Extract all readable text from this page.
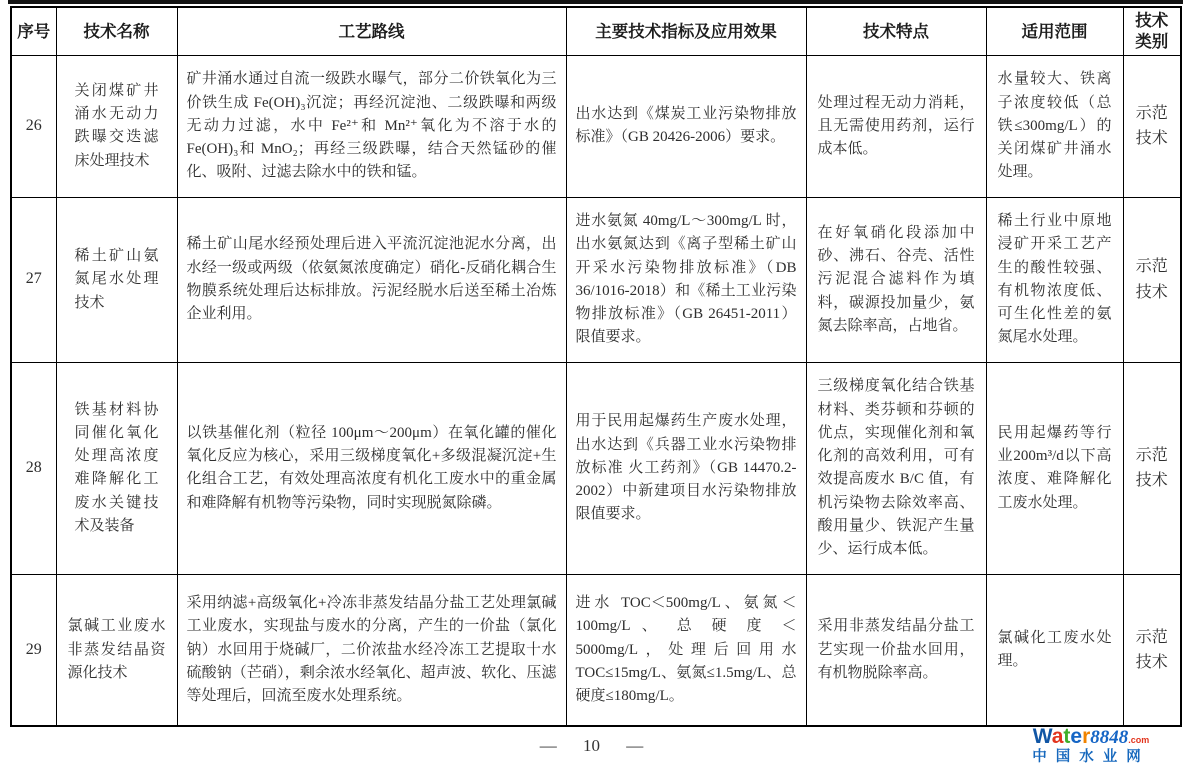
序号	技术名称	工艺路线	主要技术指标及应用效果	技术特点	适用范围	技术类别
26	关闭煤矿井涌水无动力跌曝交迭滤床处理技术	矿井涌水通过自流一级跌水曝气，部分二价铁氧化为三价铁生成 Fe(OH)₃沉淀；再经沉淀池、二级跌曝和两级无动力过滤，水中 Fe²⁺和 Mn²⁺氧化为不溶于水的 Fe(OH)₃和 MnO₂；再经三级跌曝，结合天然锰砂的催化、吸附、过滤去除水中的铁和锰。	出水达到《煤炭工业污染物排放标准》（GB 20426-2006）要求。	处理过程无动力消耗，且无需使用药剂，运行成本低。	水量较大、铁离子浓度较低（总铁≤300mg/L）的关闭煤矿井涌水处理。	示范技术
27	稀土矿山氨氮尾水处理技术	稀土矿山尾水经预处理后进入平流沉淀池泥水分离，出水经一级或两级（依氨氮浓度确定）硝化-反硝化耦合生物膜系统处理后达标排放。污泥经脱水后送至稀土冶炼企业利用。	进水氨氮 40mg/L～300mg/L 时，出水氨氮达到《离子型稀土矿山开采水污染物排放标准》（DB 36/1016-2018）和《稀土工业污染物排放标准》（GB 26451-2011）限值要求。	在好氧硝化段添加中砂、沸石、谷壳、活性污泥混合滤料作为填料，碳源投加量少，氨氮去除率高，占地省。	稀土行业中原地浸矿开采工艺产生的酸性较强、有机物浓度低、可生化性差的氨氮尾水处理。	示范技术
28	铁基材料协同催化氧化处理高浓度难降解化工废水关键技术及装备	以铁基催化剂（粒径 100μm～200μm）在氧化罐的催化氧化反应为核心，采用三级梯度氧化+多级混凝沉淀+生化组合工艺，有效处理高浓度有机化工废水中的重金属和难降解有机物等污染物，同时实现脱氮除磷。	用于民用起爆药生产废水处理，出水达到《兵器工业水污染物排放标准 火工药剂》（GB 14470.2-2002）中新建项目水污染物排放限值要求。	三级梯度氧化结合铁基材料、类芬顿和芬顿的优点，实现催化剂和氧化剂的高效利用，可有效提高废水 B/C 值，有机污染物去除效率高、酸用量少、铁泥产生量少、运行成本低。	民用起爆药等行业200m³/d以下高浓度、难降解化工废水处理。	示范技术
29	氯碱工业废水非蒸发结晶资源化技术	采用纳滤+高级氧化+冷冻非蒸发结晶分盐工艺处理氯碱工业废水，实现盐与废水的分离，产生的一价盐（氯化钠）水回用于烧碱厂，二价浓盐水经冷冻工艺提取十水硫酸钠（芒硝），剩余浓水经氧化、超声波、软化、压滤等处理后，回流至废水处理系统。	进水 TOC＜500mg/L、氨氮＜100mg/L 、 总 硬 度 ＜5000mg/L，处理后回用水 TOC≤15mg/L、氨氮≤1.5mg/L、总硬度≤180mg/L。	采用非蒸发结晶分盐工艺实现一价盐水回用，有机物脱除率高。	氯碱化工废水处理。	示范技术
— 10 —	Water8848.com
中国水业网
